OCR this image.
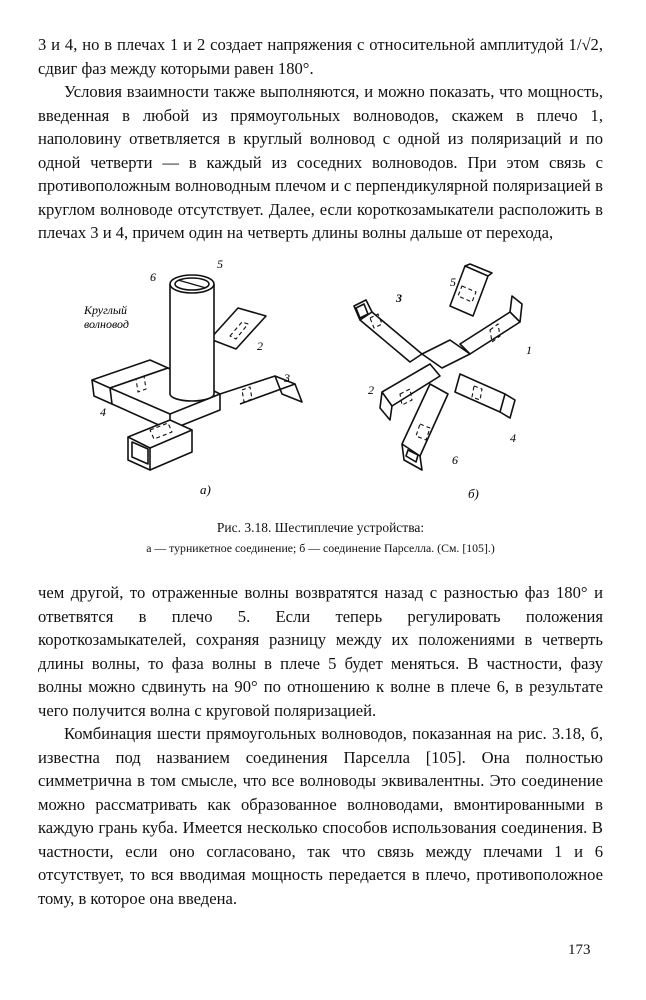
3 и 4, но в плечах 1 и 2 создает напряжения с относительной амплитудой 1/√2, сдвиг фаз между которыми равен 180°.

Условия взаимности также выполняются, и можно показать, что мощность, введенная в любой из прямоугольных волноводов, скажем в плечо 1, наполовину ответвляется в круглый волновод с одной из поляризаций и по одной четверти — в каждый из соседних волноводов. При этом связь с противоположным волноводным плечом и с перпендикулярной поляризацией в круглом волноводе отсутствует. Далее, если короткозамыкатели расположить в плечах 3 и 4, причем один на четверть длины волны дальше от перехода,

Круглый волновод
6
5
2
3
4
а)
3
5
1
2
4
6
б)
Рис. 3.18. Шестиплечие устройства:
а — турникетное соединение; б — соединение Парселла. (См. [105].)

чем другой, то отраженные волны возвратятся назад с разностью фаз 180° и ответвятся в плечо 5. Если теперь регулировать положения короткозамыкателей, сохраняя разницу между их положениями в четверть длины волны, то фаза волны в плече 5 будет меняться. В частности, фазу волны можно сдвинуть на 90° по отношению к волне в плече 6, в результате чего получится волна с круговой поляризацией.

Комбинация шести прямоугольных волноводов, показанная на рис. 3.18, б, известна под названием соединения Парселла [105]. Она полностью симметрична в том смысле, что все волноводы эквивалентны. Это соединение можно рассматривать как образованное волноводами, вмонтированными в каждую грань куба. Имеется несколько способов использования соединения. В частности, если оно согласовано, так что связь между плечами 1 и 6 отсутствует, то вся вводимая мощность передается в плечо, противоположное тому, в которое она введена.

173
